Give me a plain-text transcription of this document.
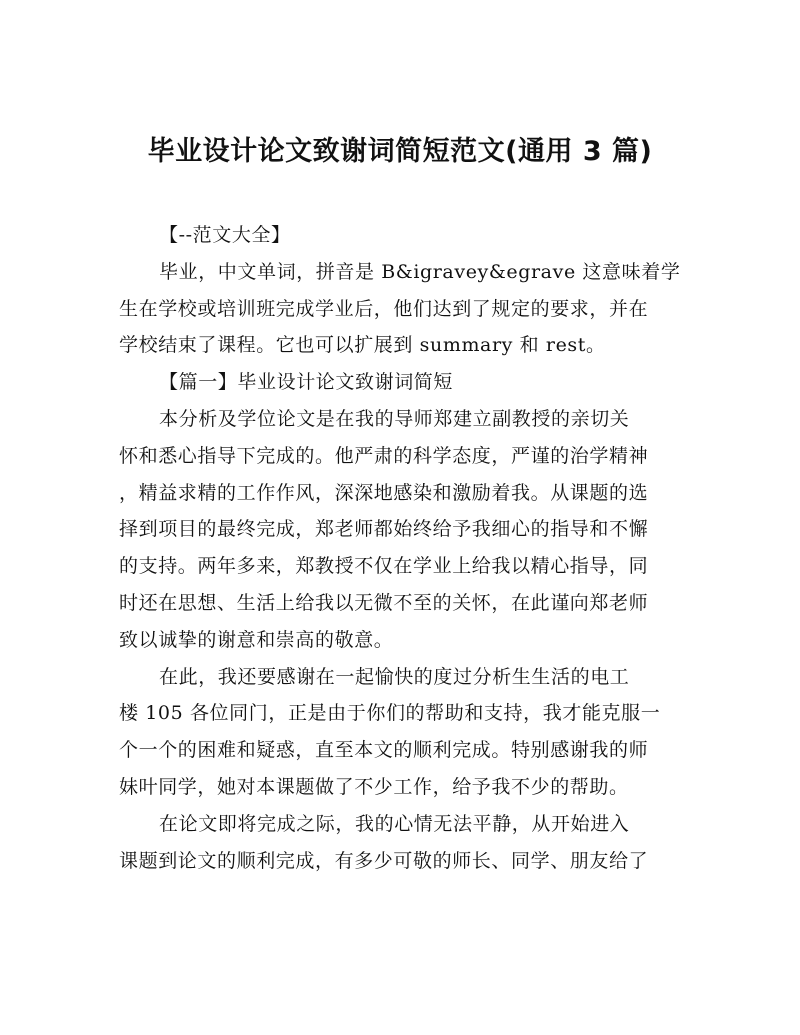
毕业设计论文致谢词简短范文(通用 3 篇)
【--范文大全】
毕业，中文单词，拼音是 B&igravey&egrave 这意味着学
生在学校或培训班完成学业后，他们达到了规定的要求，并在
学校结束了课程。它也可以扩展到 summary 和 rest。
【篇一】毕业设计论文致谢词简短
本分析及学位论文是在我的导师郑建立副教授的亲切关
怀和悉心指导下完成的。他严肃的科学态度，严谨的治学精神
，精益求精的工作作风，深深地感染和激励着我。从课题的选
择到项目的最终完成，郑老师都始终给予我细心的指导和不懈
的支持。两年多来，郑教授不仅在学业上给我以精心指导，同
时还在思想、生活上给我以无微不至的关怀，在此谨向郑老师
致以诚挚的谢意和崇高的敬意。
在此，我还要感谢在一起愉快的度过分析生生活的电工
楼 105 各位同门，正是由于你们的帮助和支持，我才能克服一
个一个的困难和疑惑，直至本文的顺利完成。特别感谢我的师
妹叶同学，她对本课题做了不少工作，给予我不少的帮助。
在论文即将完成之际，我的心情无法平静，从开始进入
课题到论文的顺利完成，有多少可敬的师长、同学、朋友给了
